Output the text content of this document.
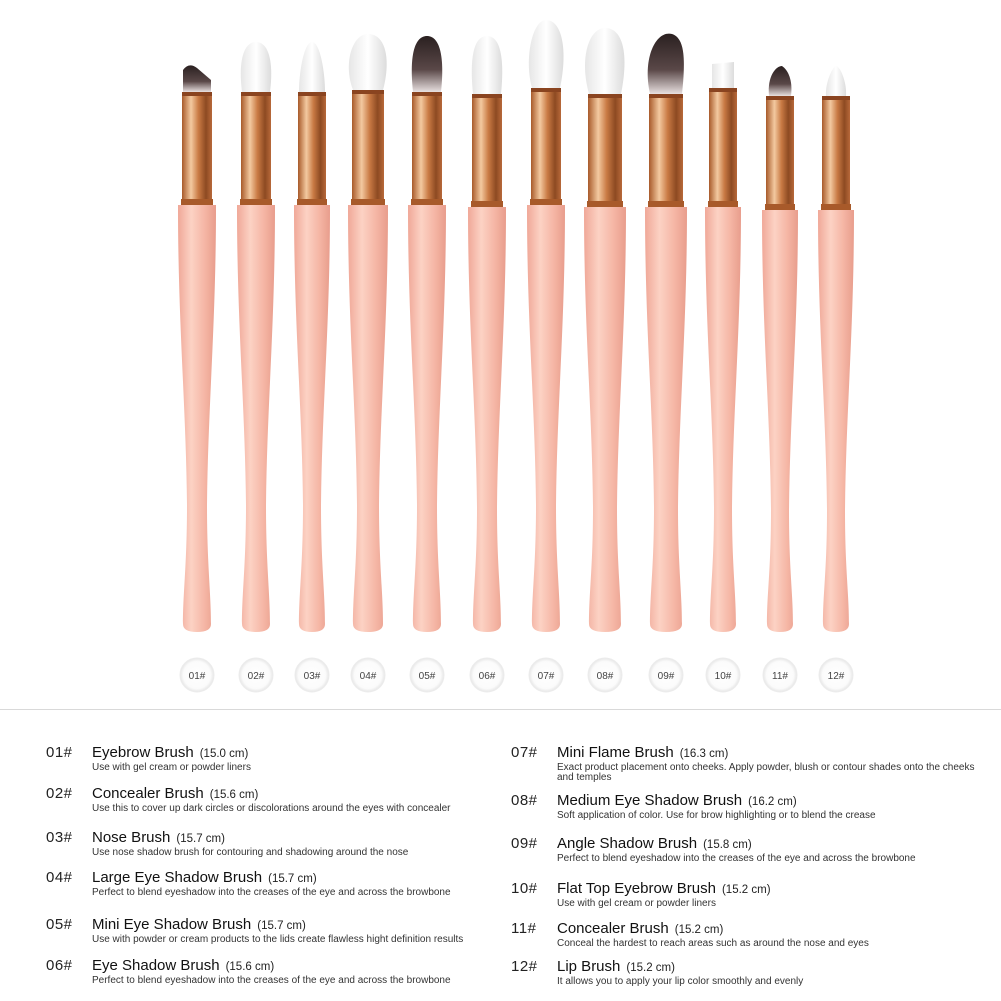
01#	02#	03#	04#	05#	06#	07#	08#	09#	10#	11#	12#
01# Eyebrow Brush (15.0 cm)
Use with gel cream or powder liners
02# Concealer Brush (15.6 cm)
Use this to cover up dark circles or discolorations around the eyes with concealer
03# Nose Brush (15.7 cm)
Use nose shadow brush for contouring and shadowing around the nose
04# Large Eye Shadow Brush (15.7 cm)
Perfect to blend eyeshadow into the creases of the eye and across the browbone
05# Mini Eye Shadow Brush (15.7 cm)
Use with powder or cream products to the lids create flawless hight definition results
06# Eye Shadow Brush (15.6 cm)
Perfect to blend eyeshadow into the creases of the eye and across the browbone
07# Mini Flame Brush (16.3 cm)
Exact product placement onto cheeks. Apply powder, blush or contour shades onto the cheeks and temples
08# Medium Eye Shadow Brush (16.2 cm)
Soft application of color. Use for brow highlighting or to blend the crease
09# Angle Shadow Brush (15.8 cm)
Perfect to blend eyeshadow into the creases of the eye and across the browbone
10# Flat Top Eyebrow Brush (15.2 cm)
Use with gel cream or powder liners
11# Concealer Brush (15.2 cm)
Conceal the hardest to reach areas such as around the nose and eyes
12# Lip Brush (15.2 cm)
It allows you to apply your lip color smoothly and evenly
